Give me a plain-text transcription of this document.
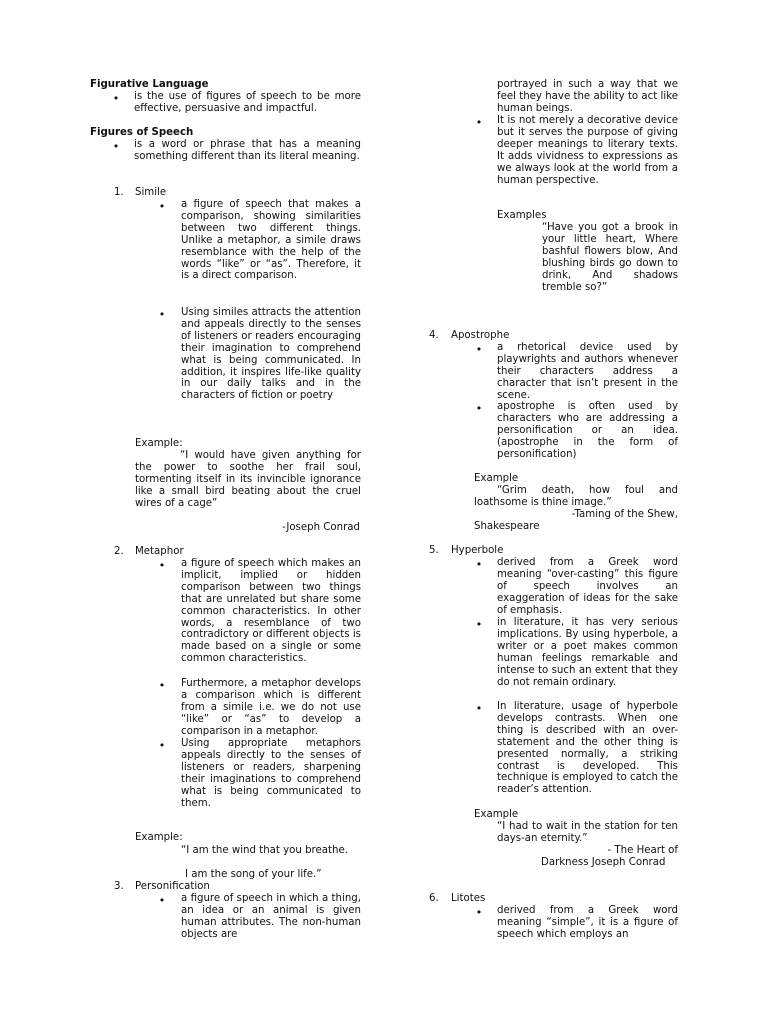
Figurative Language
• is the use of figures of speech to be more effective, persuasive and impactful.
Figures of Speech
• is a word or phrase that has a meaning something different than its literal meaning.
1. Simile
• a figure of speech that makes a comparison, showing similarities between two different things. Unlike a metaphor, a simile draws resemblance with the help of the words “like” or “as”. Therefore, it is a direct comparison.
• Using similes attracts the attention and appeals directly to the senses of listeners or readers encouraging their imagination to comprehend what is being communicated. In addition, it inspires life-like quality in our daily talks and in the characters of fiction or poetry
Example:
“I would have given anything for the power to soothe her frail soul, tormenting itself in its invincible ignorance like a small bird beating about the cruel wires of a cage”
-Joseph Conrad
2. Metaphor
• a figure of speech which makes an implicit, implied or hidden comparison between two things that are unrelated but share some common characteristics. In other words, a resemblance of two contradictory or different objects is made based on a single or some common characteristics.
• Furthermore, a metaphor develops a comparison which is different from a simile i.e. we do not use “like” or “as” to develop a comparison in a metaphor.
• Using appropriate metaphors appeals directly to the senses of listeners or readers, sharpening their imaginations to comprehend what is being communicated to them.
Example:
“I am the wind that you breathe.
I am the song of your life.”
3. Personification
• a figure of speech in which a thing, an idea or an animal is given human attributes. The non-human objects are
portrayed in such a way that we feel they have the ability to act like human beings.
• It is not merely a decorative device but it serves the purpose of giving deeper meanings to literary texts. It adds vividness to expressions as we always look at the world from a human perspective.
Examples
“Have you got a brook in your little heart, Where bashful flowers blow, And blushing birds go down to drink, And shadows tremble so?”
4. Apostrophe
• a rhetorical device used by playwrights and authors whenever their characters address a character that isn’t present in the scene.
• apostrophe is often used by characters who are addressing a personification or an idea. (apostrophe in the form of personification)
Example
“Grim death, how foul and loathsome is thine image.”
-Taming of the Shew,
Shakespeare
5. Hyperbole
• derived from a Greek word meaning “over-casting” this figure of speech involves an exaggeration of ideas for the sake of emphasis.
• in literature, it has very serious implications. By using hyperbole, a writer or a poet makes common human feelings remarkable and intense to such an extent that they do not remain ordinary.
• In literature, usage of hyperbole develops contrasts. When one thing is described with an over-statement and the other thing is presented normally, a striking contrast is developed. This technique is employed to catch the reader’s attention.
Example
“I had to wait in the station for ten days-an eternity.”
- The Heart of
Darkness Joseph Conrad
6. Litotes
• derived from a Greek word meaning “simple”, it is a figure of speech which employs an
